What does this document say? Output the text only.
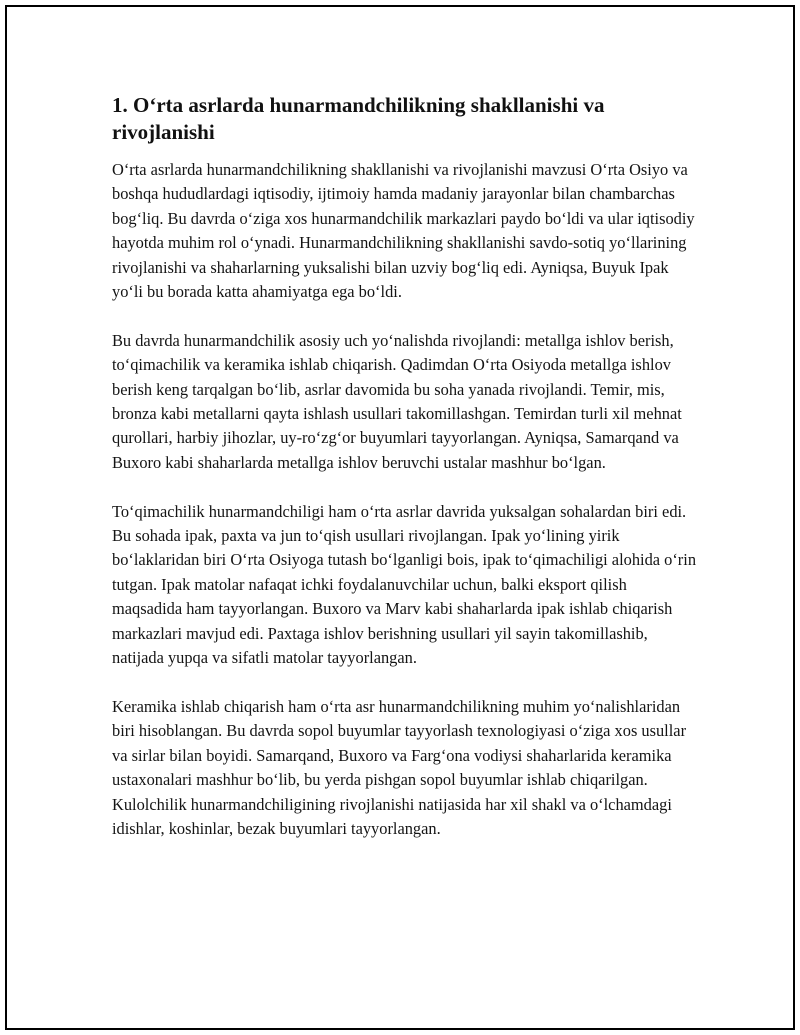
1. O‘rta asrlarda hunarmandchilikning shakllanishi va rivojlanishi

O‘rta asrlarda hunarmandchilikning shakllanishi va rivojlanishi mavzusi O‘rta Osiyo va boshqa hududlardagi iqtisodiy, ijtimoiy hamda madaniy jarayonlar bilan chambarchas bog‘liq. Bu davrda o‘ziga xos hunarmandchilik markazlari paydo bo‘ldi va ular iqtisodiy hayotda muhim rol o‘ynadi. Hunarmandchilikning shakllanishi savdo-sotiq yo‘llarining rivojlanishi va shaharlarning yuksalishi bilan uzviy bog‘liq edi. Ayniqsa, Buyuk Ipak yo‘li bu borada katta ahamiyatga ega bo‘ldi.

Bu davrda hunarmandchilik asosiy uch yo‘nalishda rivojlandi: metallga ishlov berish, to‘qimachilik va keramika ishlab chiqarish. Qadimdan O‘rta Osiyoda metallga ishlov berish keng tarqalgan bo‘lib, asrlar davomida bu soha yanada rivojlandi. Temir, mis, bronza kabi metallarni qayta ishlash usullari takomillashgan. Temirdan turli xil mehnat qurollari, harbiy jihozlar, uy-ro‘zg‘or buyumlari tayyorlangan. Ayniqsa, Samarqand va Buxoro kabi shaharlarda metallga ishlov beruvchi ustalar mashhur bo‘lgan.

To‘qimachilik hunarmandchiligi ham o‘rta asrlar davrida yuksalgan sohalardan biri edi. Bu sohada ipak, paxta va jun to‘qish usullari rivojlangan. Ipak yo‘lining yirik bo‘laklaridan biri O‘rta Osiyoga tutash bo‘lganligi bois, ipak to‘qimachiligi alohida o‘rin tutgan. Ipak matolar nafaqat ichki foydalanuvchilar uchun, balki eksport qilish maqsadida ham tayyorlangan. Buxoro va Marv kabi shaharlarda ipak ishlab chiqarish markazlari mavjud edi. Paxtaga ishlov berishning usullari yil sayin takomillashib, natijada yupqa va sifatli matolar tayyorlangan.

Keramika ishlab chiqarish ham o‘rta asr hunarmandchilikning muhim yo‘nalishlaridan biri hisoblangan. Bu davrda sopol buyumlar tayyorlash texnologiyasi o‘ziga xos usullar va sirlar bilan boyidi. Samarqand, Buxoro va Farg‘ona vodiysi shaharlarida keramika ustaxonalari mashhur bo‘lib, bu yerda pishgan sopol buyumlar ishlab chiqarilgan. Kulolchilik hunarmandchiligining rivojlanishi natijasida har xil shakl va o‘lchamdagi idishlar, koshinlar, bezak buyumlari tayyorlangan.
